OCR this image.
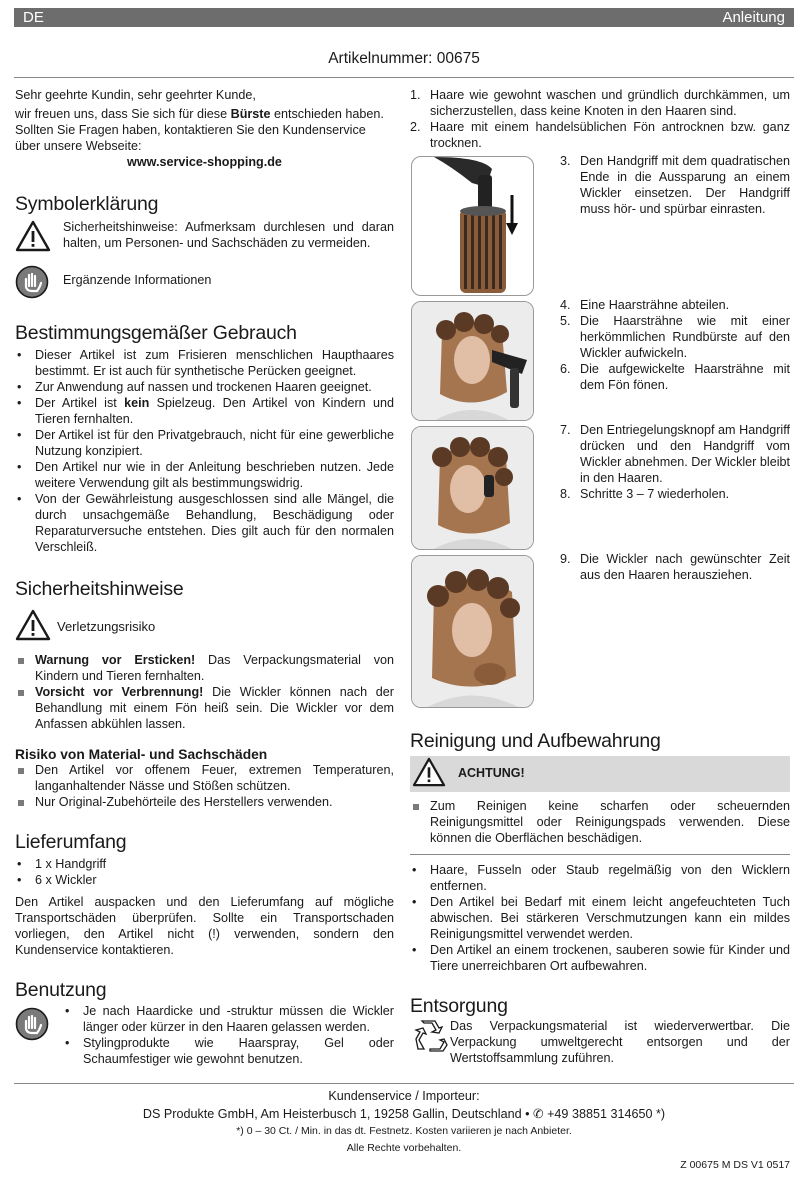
DE	Anleitung
Artikelnummer: 00675

Sehr geehrte Kundin, sehr geehrter Kunde,

wir freuen uns, dass Sie sich für diese Bürste entschieden haben.

Sollten Sie Fragen haben, kontaktieren Sie den Kundenservice über unsere Webseite:

www.service-shopping.de

Symbolerklärung
Sicherheitshinweise: Aufmerksam durchlesen und daran halten, um Personen- und Sachschäden zu vermeiden.
Ergänzende Informationen
Bestimmungsgemäßer Gebrauch
• Dieser Artikel ist zum Frisieren menschlichen Haupthaares bestimmt. Er ist auch für synthetische Perücken geeignet.
• Zur Anwendung auf nassen und trockenen Haaren geeignet.
• Der Artikel ist kein Spielzeug. Den Artikel von Kindern und Tieren fernhalten.
• Der Artikel ist für den Privatgebrauch, nicht für eine gewerbliche Nutzung konzipiert.
• Den Artikel nur wie in der Anleitung beschrieben nutzen. Jede weitere Verwendung gilt als bestimmungswidrig.
• Von der Gewährleistung ausgeschlossen sind alle Mängel, die durch unsachgemäße Behandlung, Beschädigung oder Reparaturversuche entstehen. Dies gilt auch für den normalen Verschleiß.
Sicherheitshinweise
Verletzungsrisiko
Warnung vor Ersticken! Das Verpackungsmaterial von Kindern und Tieren fernhalten.
Vorsicht vor Verbrennung! Die Wickler können nach der Behandlung mit einem Fön heiß sein. Die Wickler vor dem Anfassen abkühlen lassen.
Risiko von Material- und Sachschäden
Den Artikel vor offenem Feuer, extremen Temperaturen, langanhaltender Nässe und Stößen schützen.
Nur Original-Zubehörteile des Herstellers verwenden.
Lieferumfang
• 1 x Handgriff
• 6 x Wickler

Den Artikel auspacken und den Lieferumfang auf mögliche Transportschäden überprüfen. Sollte ein Transportschaden vorliegen, den Artikel nicht (!) verwenden, sondern den Kundenservice kontaktieren.

Benutzung
• Je nach Haardicke und -struktur müssen die Wickler länger oder kürzer in den Haaren gelassen werden.
• Stylingprodukte wie Haarspray, Gel oder Schaumfestiger wie gewohnt benutzen.
1. Haare wie gewohnt waschen und gründlich durchkämmen, um sicherzustellen, dass keine Knoten in den Haaren sind.
2. Haare mit einem handelsüblichen Fön antrocknen bzw. ganz trocknen.
3. Den Handgriff mit dem quadratischen Ende in die Aussparung an einem Wickler einsetzen. Der Handgriff muss hör- und spürbar einrasten.
4. Eine Haarsträhne abteilen.
5. Die Haarsträhne wie mit einer herkömmlichen Rundbürste auf den Wickler aufwickeln.
6. Die aufgewickelte Haarsträhne mit dem Fön fönen.
7. Den Entriegelungsknopf am Handgriff drücken und den Handgriff vom Wickler abnehmen. Der Wickler bleibt in den Haaren.
8. Schritte 3 – 7 wiederholen.
9. Die Wickler nach gewünschter Zeit aus den Haaren herausziehen.
Reinigung und Aufbewahrung
ACHTUNG!
Zum Reinigen keine scharfen oder scheuernden Reinigungsmittel oder Reinigungspads verwenden. Diese können die Oberflächen beschädigen.
• Haare, Fusseln oder Staub regelmäßig von den Wicklern entfernen.
• Den Artikel bei Bedarf mit einem leicht angefeuchteten Tuch abwischen. Bei stärkeren Verschmutzungen kann ein mildes Reinigungsmittel verwendet werden.
• Den Artikel an einem trockenen, sauberen sowie für Kinder und Tiere unerreichbaren Ort aufbewahren.
Entsorgung

Das Verpackungsmaterial ist wiederverwertbar. Die Verpackung umweltgerecht entsorgen und der Wertstoffsammlung zuführen.

Kundenservice / Importeur:
DS Produkte GmbH, Am Heisterbusch 1, 19258 Gallin, Deutschland • ✆ +49 38851 314650 *)
*) 0 – 30 Ct. / Min. in das dt. Festnetz. Kosten variieren je nach Anbieter.
Alle Rechte vorbehalten.
Z 00675 M DS V1 0517
